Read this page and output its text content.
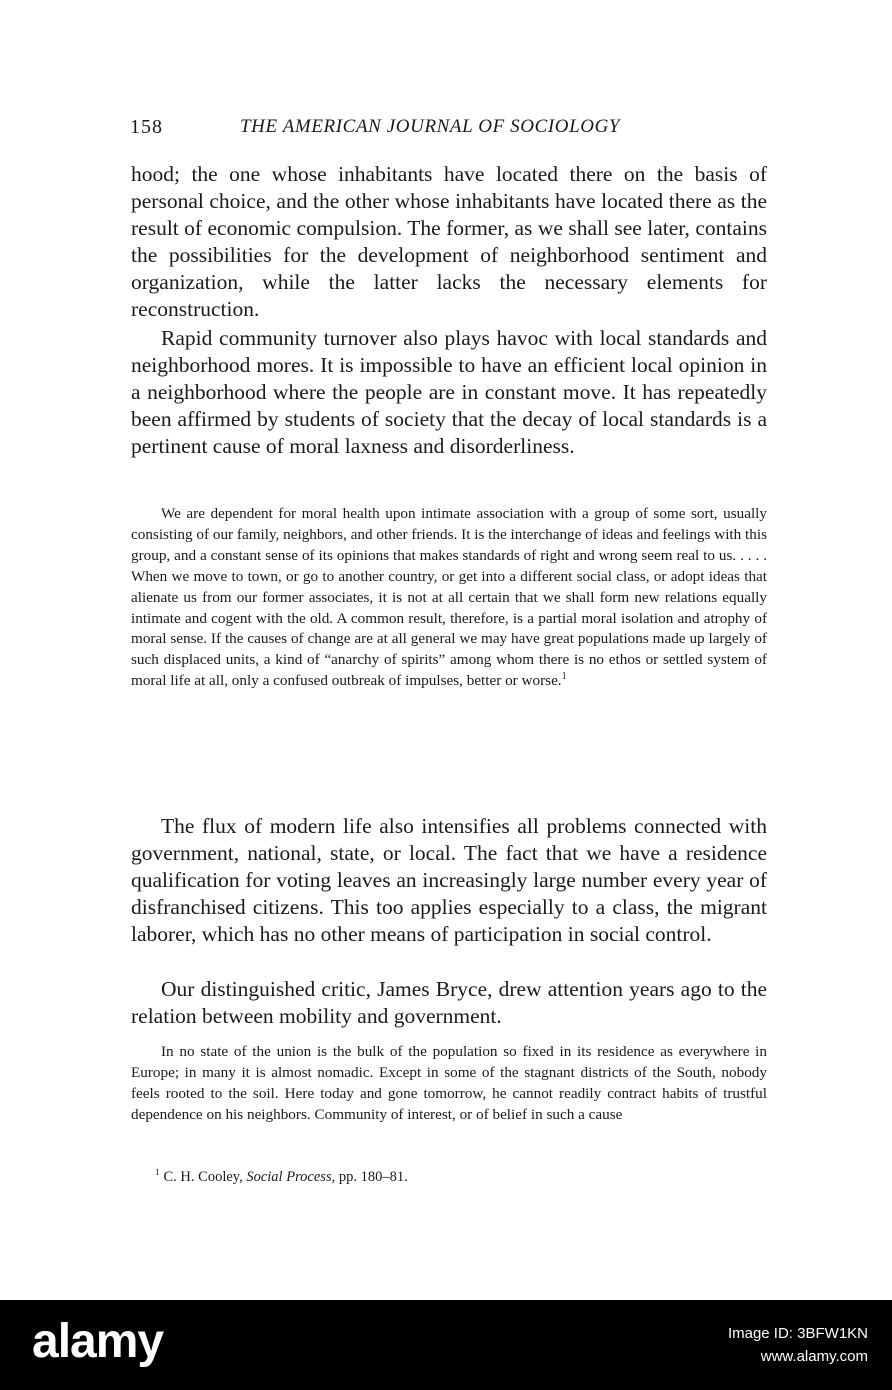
158	THE AMERICAN JOURNAL OF SOCIOLOGY

hood; the one whose inhabitants have located there on the basis of personal choice, and the other whose inhabitants have located there as the result of economic compulsion. The former, as we shall see later, contains the possibilities for the development of neighborhood sentiment and organization, while the latter lacks the necessary elements for reconstruction.

Rapid community turnover also plays havoc with local standards and neighborhood mores. It is impossible to have an efficient local opinion in a neighborhood where the people are in constant move. It has repeatedly been affirmed by students of society that the decay of local standards is a pertinent cause of moral laxness and disorderliness.

We are dependent for moral health upon intimate association with a group of some sort, usually consisting of our family, neighbors, and other friends. It is the interchange of ideas and feelings with this group, and a constant sense of its opinions that makes standards of right and wrong seem real to us. . . . . When we move to town, or go to another country, or get into a different social class, or adopt ideas that alienate us from our former associates, it is not at all certain that we shall form new relations equally intimate and cogent with the old. A common result, therefore, is a partial moral isolation and atrophy of moral sense. If the causes of change are at all general we may have great populations made up largely of such displaced units, a kind of “anarchy of spirits” among whom there is no ethos or settled system of moral life at all, only a confused outbreak of impulses, better or worse.$^1$

The flux of modern life also intensifies all problems connected with government, national, state, or local. The fact that we have a residence qualification for voting leaves an increasingly large number every year of disfranchised citizens. This too applies especially to a class, the migrant laborer, which has no other means of participation in social control.

Our distinguished critic, James Bryce, drew attention years ago to the relation between mobility and government.

In no state of the union is the bulk of the population so fixed in its residence as everywhere in Europe; in many it is almost nomadic. Except in some of the stagnant districts of the South, nobody feels rooted to the soil. Here today and gone tomorrow, he cannot readily contract habits of trustful dependence on his neighbors. Community of interest, or of belief in such a cause

$^1$ C. H. Cooley, Social Process, pp. 180–81.

alamy	Image ID: 3BFW1KN
www.alamy.com
